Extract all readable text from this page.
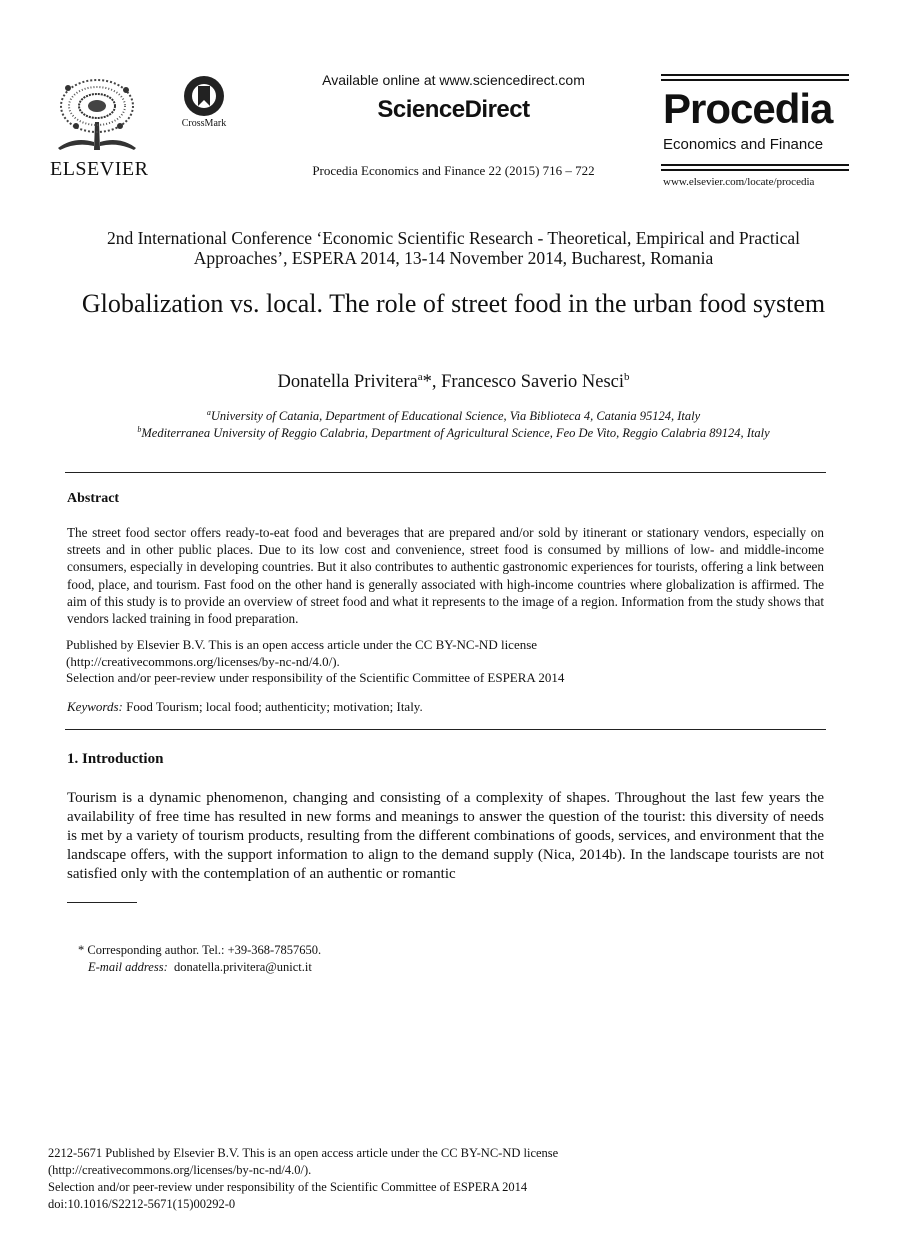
ELSEVIER
CrossMark
Available online at www.sciencedirect.com
ScienceDirect
Procedia Economics and Finance 22 (2015) 716 – 722
Procedia
Economics and Finance
www.elsevier.com/locate/procedia
2nd International Conference ‘Economic Scientific Research - Theoretical, Empirical and Practical Approaches’, ESPERA 2014, 13-14 November 2014, Bucharest, Romania
Globalization vs. local. The role of street food in the urban food system
Donatella Privitera$^a$*, Francesco Saverio Nesci$^b$
$^a$University of Catania, Department of Educational Science, Via Biblioteca 4, Catania 95124, Italy
$^b$Mediterranea University of Reggio Calabria, Department of Agricultural Science, Feo De Vito, Reggio Calabria 89124, Italy
Abstract
The street food sector offers ready-to-eat food and beverages that are prepared and/or sold by itinerant or stationary vendors, especially on streets and in other public places. Due to its low cost and convenience, street food is consumed by millions of low- and middle-income consumers, especially in developing countries. But it also contributes to authentic gastronomic experiences for tourists, offering a link between food, place, and tourism. Fast food on the other hand is generally associated with high-income countries where globalization is affirmed. The aim of this study is to provide an overview of street food and what it represents to the image of a region. Information from the study shows that vendors lacked training in food preparation.
Published by Elsevier B.V. This is an open access article under the CC BY-NC-ND license
(http://creativecommons.org/licenses/by-nc-nd/4.0/).
Selection and/or peer-review under responsibility of the Scientific Committee of ESPERA 2014
Keywords: Food Tourism; local food; authenticity; motivation; Italy.
1. Introduction
Tourism is a dynamic phenomenon, changing and consisting of a complexity of shapes. Throughout the last few years the availability of free time has resulted in new forms and meanings to answer the question of the tourist: this diversity of needs is met by a variety of tourism products, resulting from the different combinations of goods, services, and environment that the landscape offers, with the support information to align to the demand supply (Nica, 2014b). In the landscape tourists are not satisfied only with the contemplation of an authentic or romantic
* Corresponding author. Tel.: +39-368-7857650.
E-mail address: donatella.privitera@unict.it
2212-5671 Published by Elsevier B.V. This is an open access article under the CC BY-NC-ND license
(http://creativecommons.org/licenses/by-nc-nd/4.0/).
Selection and/or peer-review under responsibility of the Scientific Committee of ESPERA 2014
doi:10.1016/S2212-5671(15)00292-0
